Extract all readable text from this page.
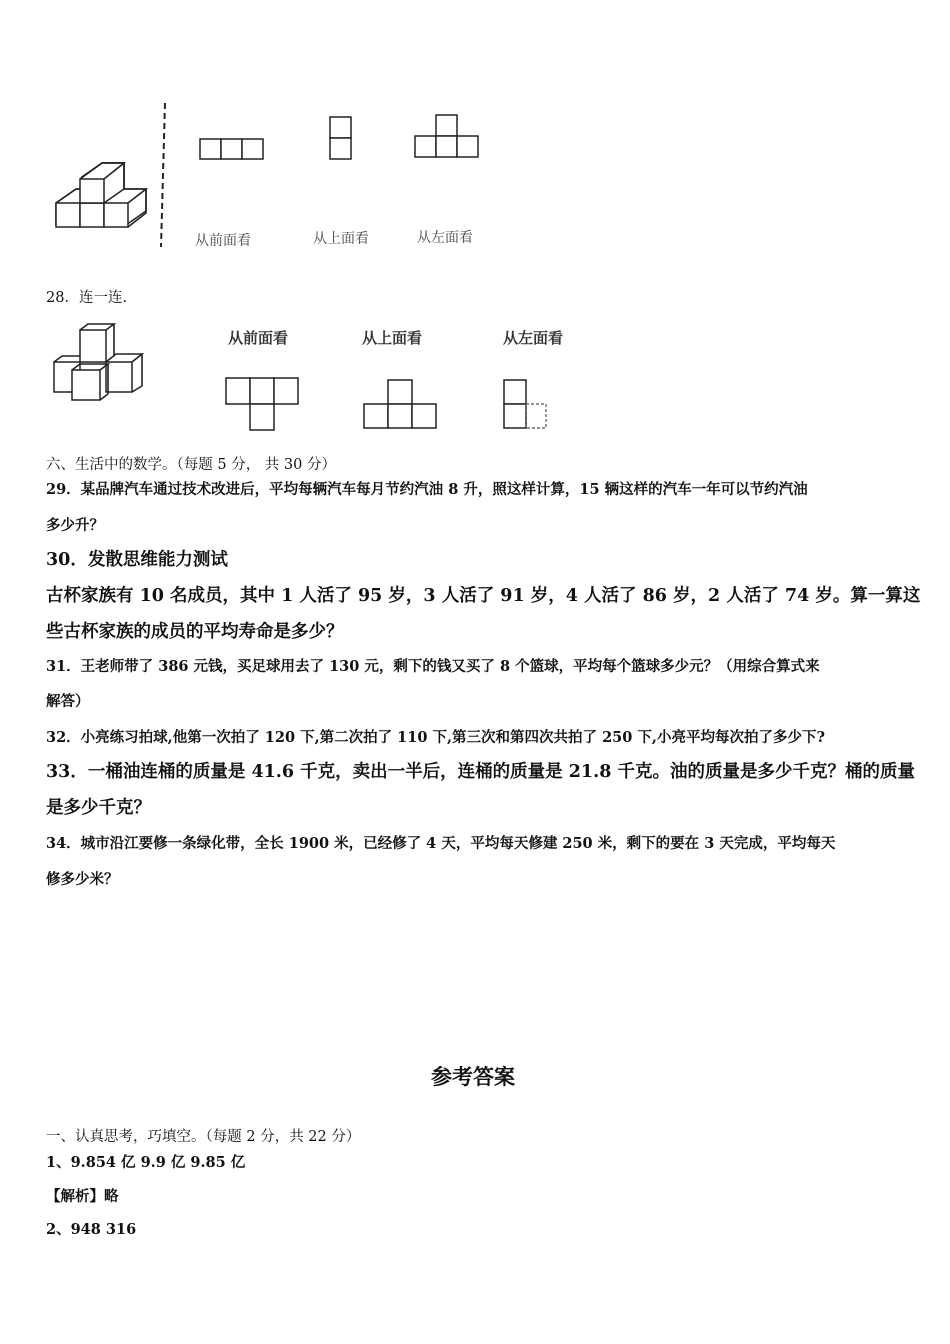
从前面看	从上面看	从左面看
28．连一连.
从前面看	从上面看	从左面看
六、生活中的数学。（每题 5 分， 共 30 分）
29．某品牌汽车通过技术改进后，平均每辆汽车每月节约汽油 8 升，照这样计算，15 辆这样的汽车一年可以节约汽油
多少升？
30．发散思维能力测试
古杯家族有 10 名成员，其中 1 人活了 95 岁，3 人活了 91 岁，4 人活了 86 岁，2 人活了 74 岁。算一算这
些古杯家族的成员的平均寿命是多少？
31．王老师带了 386 元钱，买足球用去了 130 元，剩下的钱又买了 8 个篮球，平均每个篮球多少元？（用综合算式来
解答）
32．小亮练习拍球,他第一次拍了 120 下,第二次拍了 110 下,第三次和第四次共拍了 250 下,小亮平均每次拍了多少下?
33．一桶油连桶的质量是 41.6 千克，卖出一半后，连桶的质量是 21.8 千克。油的质量是多少千克？桶的质量
是多少千克？
34．城市沿江要修一条绿化带，全长 1900 米，已经修了 4 天，平均每天修建 250 米，剩下的要在 3 天完成，平均每天
修多少米？
参考答案
一、认真思考，巧填空。（每题 2 分，共 22 分）
1、9.854 亿 9.9 亿 9.85 亿
【解析】略
2、948 316
